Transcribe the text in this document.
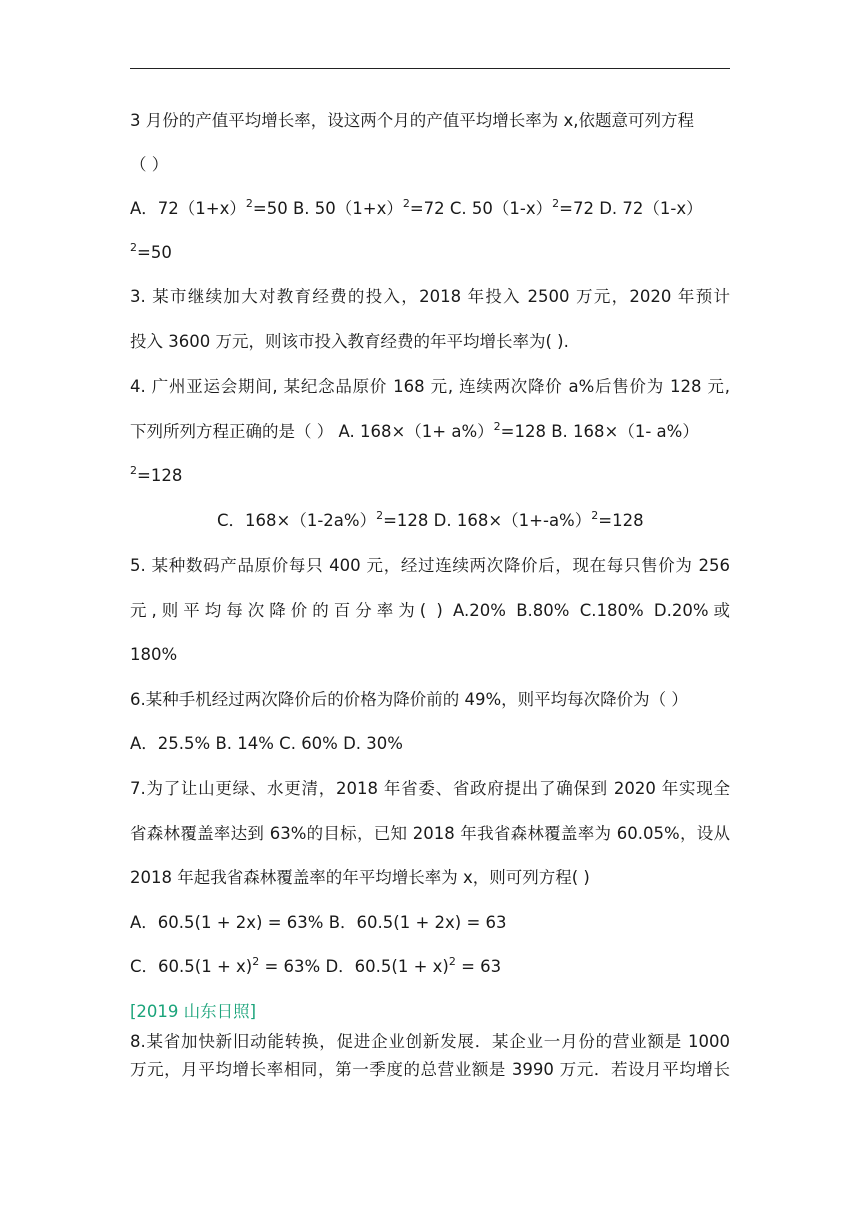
3 月份的产值平均增长率，设这两个月的产值平均增长率为 x,依题意可列方程
（ ）
A．$72(1+x)^2=50$ B. $50(1+x)^2=72$ C. $50(1-x)^2=72$ D. 72（1-x）
$^2$=50
3. 某市继续加大对教育经费的投入，2018 年投入 2500 万元，2020 年预计
投入 3600 万元，则该市投入教育经费的年平均增长率为( ).
4. 广州亚运会期间, 某纪念品原价 168 元, 连续两次降价 a%后售价为 128 元,
下列所列方程正确的是（ ） A. $168\times(1+ a\%)^2=128$ B. 168×（1- a%）
$^2$=128
C．$168\times(1-2a\%)^2=128$ D. $168\times(1+-a\%)^2=128$
5. 某种数码产品原价每只 400 元，经过连续两次降价后，现在每只售价为 256
元,则平均每次降价的百分率为( ) A.20% B.80% C.180% D.20%或
180%
6.某种手机经过两次降价后的价格为降价前的 49%，则平均每次降价为（ ）
A．25.5% B. 14% C. 60% D. 30%
7.为了让山更绿、水更清，2018 年省委、省政府提出了确保到 2020 年实现全
省森林覆盖率达到 63%的目标，已知 2018 年我省森林覆盖率为 60.05%，设从
2018 年起我省森林覆盖率的年平均增长率为 x，则可列方程( )
A．60.5(1 + 2x) = 63% B．60.5(1 + 2x) = 63
C．$60.5(1 + x)^2 = 63\%$ D．$60.5(1 + x)^2 = 63$
[2019 山东日照]
8.某省加快新旧动能转换，促进企业创新发展．某企业一月份的营业额是 1000
万元，月平均增长率相同，第一季度的总营业额是 3990 万元．若设月平均增长
